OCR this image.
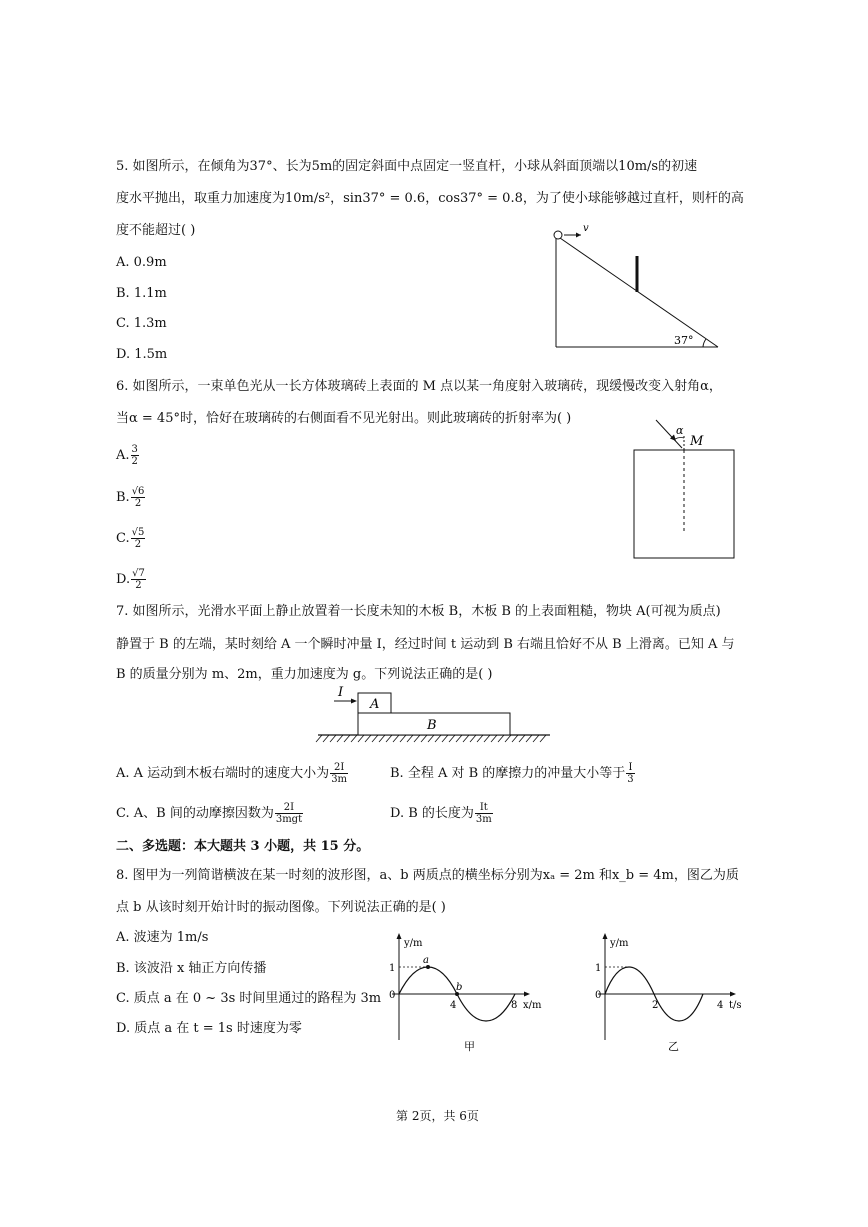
5. 如图所示，在倾角为37°、长为5m的固定斜面中点固定一竖直杆，小球从斜面顶端以10m/s的初速
度水平抛出，取重力加速度为10m/s²，sin37° = 0.6，cos37° = 0.8，为了使小球能够越过直杆，则杆的高
度不能超过( )
A. 0.9m
B. 1.1m
C. 1.3m
D. 1.5m
v
37°
6. 如图所示，一束单色光从一长方体玻璃砖上表面的 M 点以某一角度射入玻璃砖，现缓慢改变入射角α，
当α = 45°时，恰好在玻璃砖的右侧面看不见光射出。则此玻璃砖的折射率为( )
A. $\frac{3}{2}$
B. $\frac{√6}{2}$
C. $\frac{√5}{2}$
D. $\frac{√7}{2}$
α
M
7. 如图所示，光滑水平面上静止放置着一长度未知的木板 B，木板 B 的上表面粗糙，物块 A(可视为质点)
静置于 B 的左端，某时刻给 A 一个瞬时冲量 I，经过时间 t 运动到 B 右端且恰好不从 B 上滑离。已知 A 与
B 的质量分别为 m、2m，重力加速度为 g。下列说法正确的是( )
A
B
I
A. A 运动到木板右端时的速度大小为 $\frac{2I}{3m}$	B. 全程 A 对 B 的摩擦力的冲量大小等于 $\frac{I}{3}$
C. A、B 间的动摩擦因数为 $\frac{2I}{\text{3mgt}}$	D. B 的长度为 $\frac{It}{3m}$
二、多选题：本大题共 3 小题，共 15 分。
8. 图甲为一列简谐横波在某一时刻的波形图，a、b 两质点的横坐标分别为xₐ = 2m 和x_b = 4m，图乙为质
点 b 从该时刻开始计时的振动图像。下列说法正确的是( )
A. 波速为 1m/s
B. 该波沿 x 轴正方向传播
C. 质点 a 在 0 ~ 3s 时间里通过的路程为 3m
D. 质点 a 在 t = 1s 时速度为零
y/m
x/m
0
1
a
b
4	8
甲
y/m
t/s
0
1
2	4
乙
第 2页，共 6页
